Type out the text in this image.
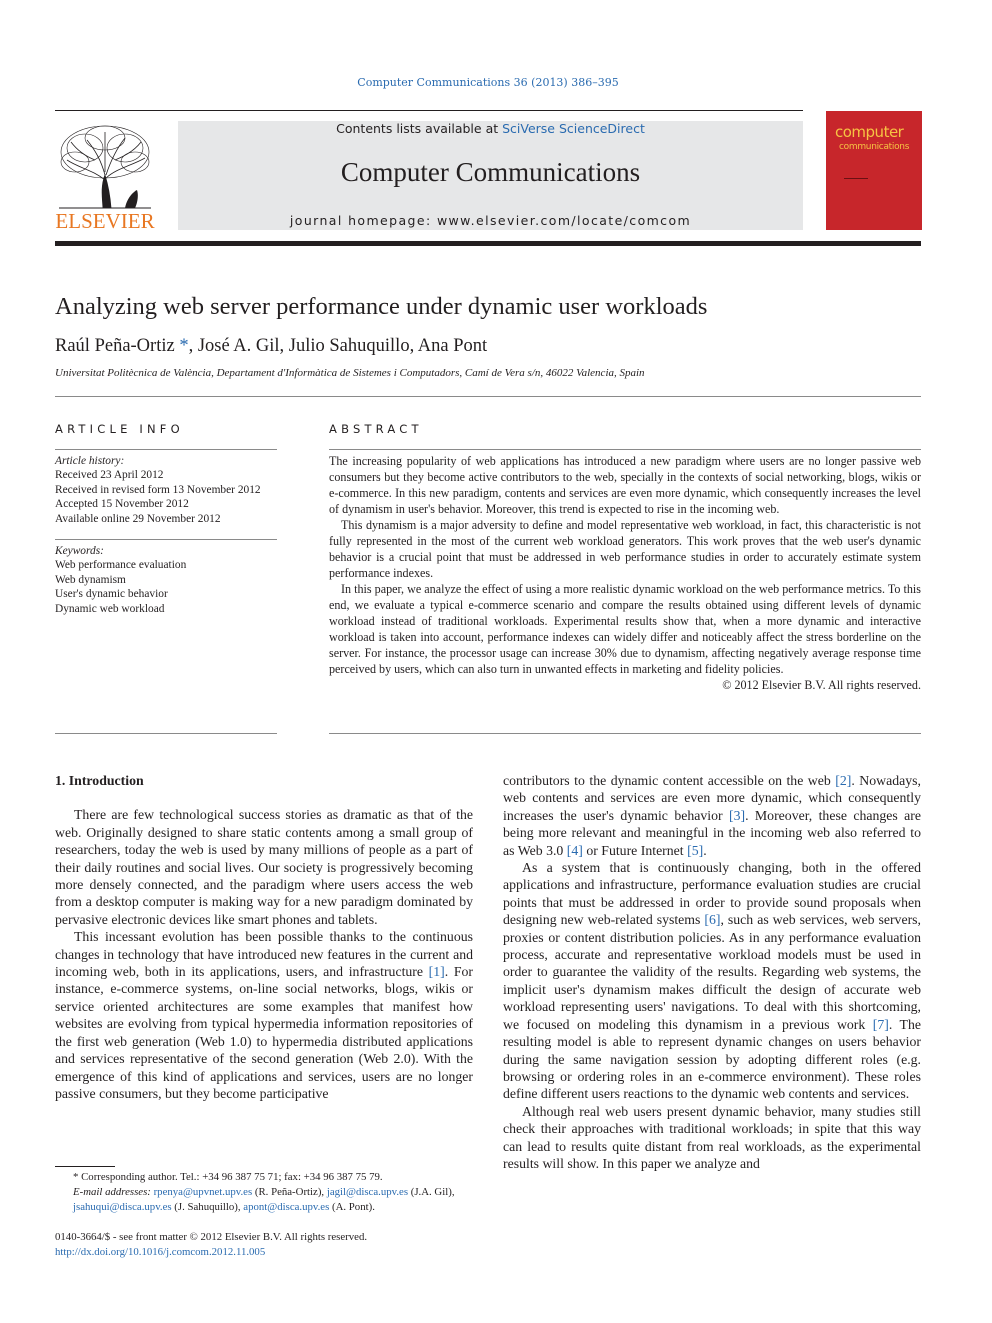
Computer Communications 36 (2013) 386–395
ELSEVIER
Contents lists available at SciVerse ScienceDirect
Computer Communications
journal homepage: www.elsevier.com/locate/comcom
computer
communications
Analyzing web server performance under dynamic user workloads
Raúl Peña-Ortiz *, José A. Gil, Julio Sahuquillo, Ana Pont
Universitat Politècnica de València, Departament d'Informàtica de Sistemes i Computadors, Camí de Vera s/n, 46022 Valencia, Spain
ARTICLE INFO	ABSTRACT
Article history:
Received 23 April 2012
Received in revised form 13 November 2012
Accepted 15 November 2012
Available online 29 November 2012
Keywords:
Web performance evaluation
Web dynamism
User's dynamic behavior
Dynamic web workload

The increasing popularity of web applications has introduced a new paradigm where users are no longer passive web consumers but they become active contributors to the web, specially in the contexts of social networking, blogs, wikis or e-commerce. In this new paradigm, contents and services are even more dynamic, which consequently increases the level of dynamism in user's behavior. Moreover, this trend is expected to rise in the incoming web.

This dynamism is a major adversity to define and model representative web workload, in fact, this characteristic is not fully represented in the most of the current web workload generators. This work proves that the web user's dynamic behavior is a crucial point that must be addressed in web performance studies in order to accurately estimate system performance indexes.

In this paper, we analyze the effect of using a more realistic dynamic workload on the web performance metrics. To this end, we evaluate a typical e-commerce scenario and compare the results obtained using different levels of dynamic workload instead of traditional workloads. Experimental results show that, when a more dynamic and interactive workload is taken into account, performance indexes can widely differ and noticeably affect the stress borderline on the server. For instance, the processor usage can increase 30% due to dynamism, affecting negatively average response time perceived by users, which can also turn in unwanted effects in marketing and fidelity policies.

© 2012 Elsevier B.V. All rights reserved.
1. Introduction

There are few technological success stories as dramatic as that of the web. Originally designed to share static contents among a small group of researchers, today the web is used by many millions of people as a part of their daily routines and social lives. Our society is progressively becoming more densely connected, and the paradigm where users access the web from a desktop computer is making way for a new paradigm dominated by pervasive electronic devices like smart phones and tablets.

This incessant evolution has been possible thanks to the continuous changes in technology that have introduced new features in the current and incoming web, both in its applications, users, and infrastructure [1]. For instance, e-commerce systems, on-line social networks, blogs, wikis or service oriented architectures are some examples that manifest how websites are evolving from typical hypermedia information repositories of the first web generation (Web 1.0) to hypermedia distributed applications and services representative of the second generation (Web 2.0). With the emergence of this kind of applications and services, users are no longer passive consumers, but they become participative

contributors to the dynamic content accessible on the web [2]. Nowadays, web contents and services are even more dynamic, which consequently increases the user's dynamic behavior [3]. Moreover, these changes are being more relevant and meaningful in the incoming web also referred to as Web 3.0 [4] or Future Internet [5].

As a system that is continuously changing, both in the offered applications and infrastructure, performance evaluation studies are crucial points that must be addressed in order to provide sound proposals when designing new web-related systems [6], such as web services, web servers, proxies or content distribution policies. As in any performance evaluation process, accurate and representative workload models must be used in order to guarantee the validity of the results. Regarding web systems, the implicit user's dynamism makes difficult the design of accurate web workload representing users' navigations. To deal with this shortcoming, we focused on modeling this dynamism in a previous work [7]. The resulting model is able to represent dynamic changes on users behavior during the same navigation session by adopting different roles (e.g. browsing or ordering roles in an e-commerce environment). These roles define different users reactions to the dynamic web contents and services.

Although real web users present dynamic behavior, many studies still check their approaches with traditional workloads; in spite that this way can lead to results quite distant from real workloads, as the experimental results will show. In this paper we analyze and

* Corresponding author. Tel.: +34 96 387 75 71; fax: +34 96 387 75 79.
E-mail addresses: rpenya@upvnet.upv.es (R. Peña-Ortiz), jagil@disca.upv.es (J.A. Gil), jsahuqui@disca.upv.es (J. Sahuquillo), apont@disca.upv.es (A. Pont).
0140-3664/$ - see front matter © 2012 Elsevier B.V. All rights reserved.
http://dx.doi.org/10.1016/j.comcom.2012.11.005
